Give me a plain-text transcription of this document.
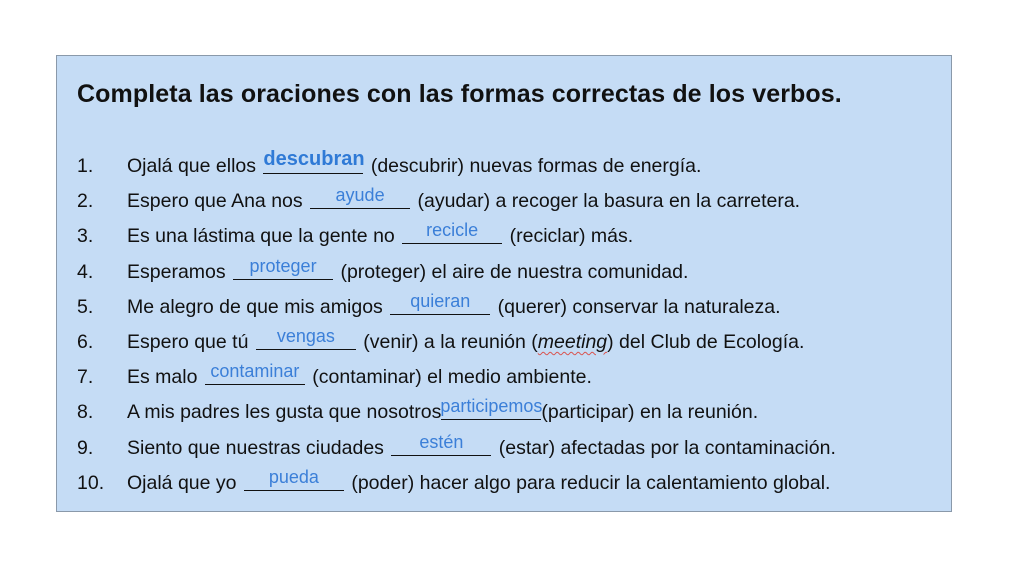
Completa las oraciones con las formas correctas de los verbos.
1. Ojalá que ellos descubran (descubrir) nuevas formas de energía.
2. Espero que Ana nos	ayude	(ayudar) a recoger la basura en la carretera.
3. Es una lástima que la gente no	recicle	(reciclar) más.
4. Esperamos	proteger	(proteger) el aire de nuestra comunidad.
5. Me alegro de que mis amigos	quieran	(querer) conservar la naturaleza.
6. Espero que tú	vengas	(venir) a la reunión (meeting) del Club de Ecología.
7. Es malo contaminar (contaminar) el medio ambiente.
8. A mis padres les gusta que nosotros
participemos
(participar) en la reunión.
9. Siento que nuestras ciudades	estén	(estar) afectadas por la contaminación.
10. Ojalá que yo	pueda	(poder) hacer algo para reducir la calentamiento global.
